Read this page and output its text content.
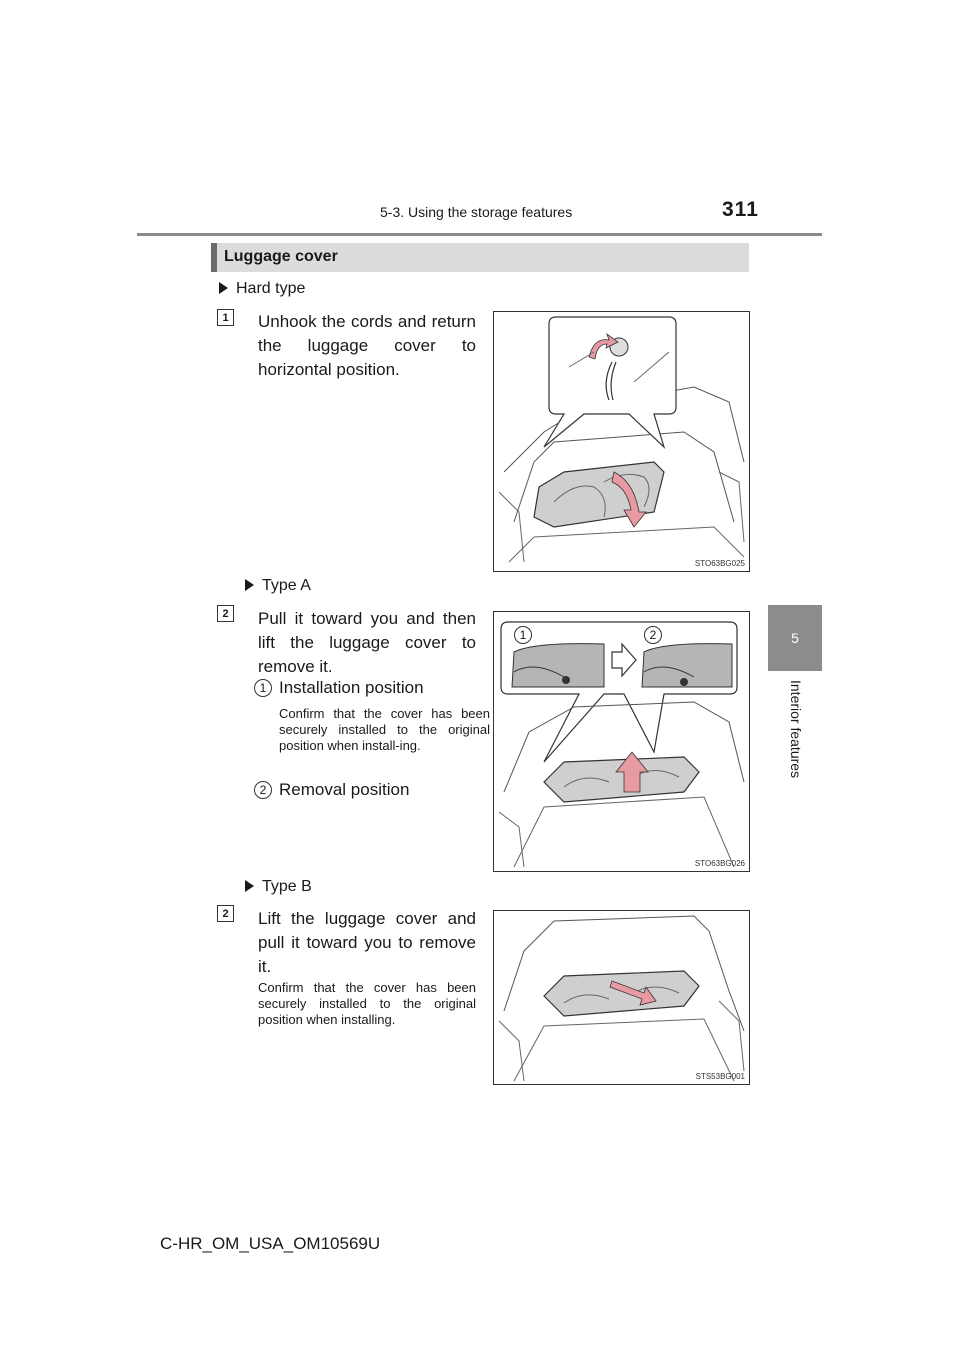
5-3. Using the storage features	311
5
Interior features
Luggage cover
Hard type
1	Unhook the cords and return the luggage cover to horizontal position.
STO63BG025
Type A
2	Pull it toward you and then lift the luggage cover to remove it.
1 Installation position
Confirm that the cover has been securely installed to the original position when install-ing.
2 Removal position
1	2
STO63BG026
Type B
2	Lift the luggage cover and pull it toward you to remove it.
Confirm that the cover has been securely installed to the original position when installing.
STS53BG001
C-HR_OM_USA_OM10569U
